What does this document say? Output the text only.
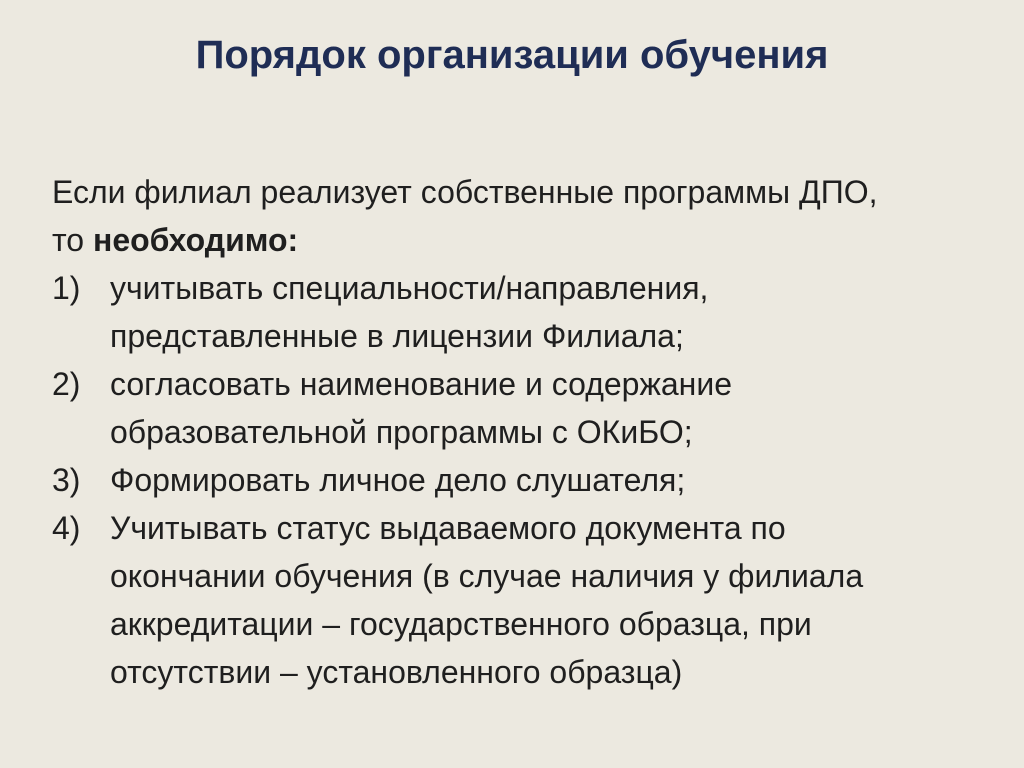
Порядок организации обучения
Если филиал реализует собственные программы ДПО,
то необходимо:
1) учитывать специальности/направления,
представленные в лицензии Филиала;
2) согласовать наименование и содержание
образовательной программы с ОКиБО;
3) Формировать личное дело слушателя;
4) Учитывать статус выдаваемого документа по
окончании обучения (в случае наличия у филиала
аккредитации – государственного образца, при
отсутствии – установленного образца)
